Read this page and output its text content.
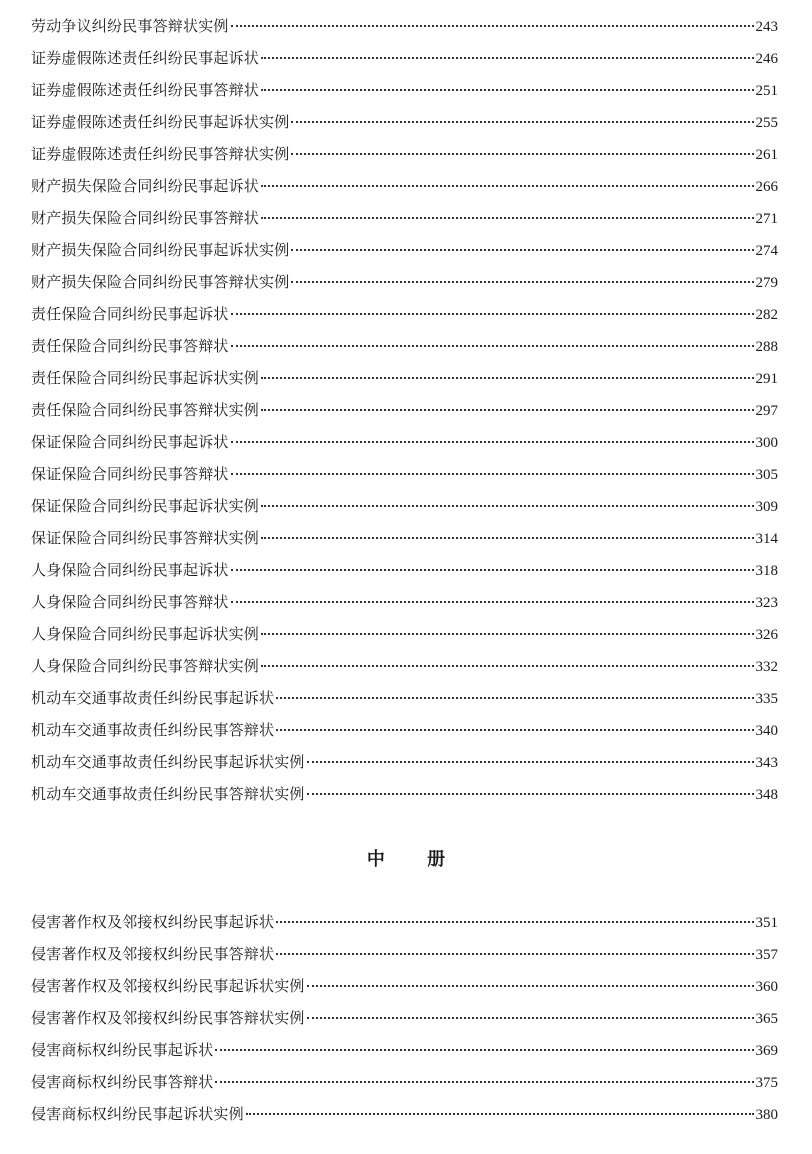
劳动争议纠纷民事答辩状实例	243
证券虚假陈述责任纠纷民事起诉状	246
证券虚假陈述责任纠纷民事答辩状	251
证券虚假陈述责任纠纷民事起诉状实例	255
证券虚假陈述责任纠纷民事答辩状实例	261
财产损失保险合同纠纷民事起诉状	266
财产损失保险合同纠纷民事答辩状	271
财产损失保险合同纠纷民事起诉状实例	274
财产损失保险合同纠纷民事答辩状实例	279
责任保险合同纠纷民事起诉状	282
责任保险合同纠纷民事答辩状	288
责任保险合同纠纷民事起诉状实例	291
责任保险合同纠纷民事答辩状实例	297
保证保险合同纠纷民事起诉状	300
保证保险合同纠纷民事答辩状	305
保证保险合同纠纷民事起诉状实例	309
保证保险合同纠纷民事答辩状实例	314
人身保险合同纠纷民事起诉状	318
人身保险合同纠纷民事答辩状	323
人身保险合同纠纷民事起诉状实例	326
人身保险合同纠纷民事答辩状实例	332
机动车交通事故责任纠纷民事起诉状	335
机动车交通事故责任纠纷民事答辩状	340
机动车交通事故责任纠纷民事起诉状实例	343
机动车交通事故责任纠纷民事答辩状实例	348
中 册
侵害著作权及邻接权纠纷民事起诉状	351
侵害著作权及邻接权纠纷民事答辩状	357
侵害著作权及邻接权纠纷民事起诉状实例	360
侵害著作权及邻接权纠纷民事答辩状实例	365
侵害商标权纠纷民事起诉状	369
侵害商标权纠纷民事答辩状	375
侵害商标权纠纷民事起诉状实例	380
